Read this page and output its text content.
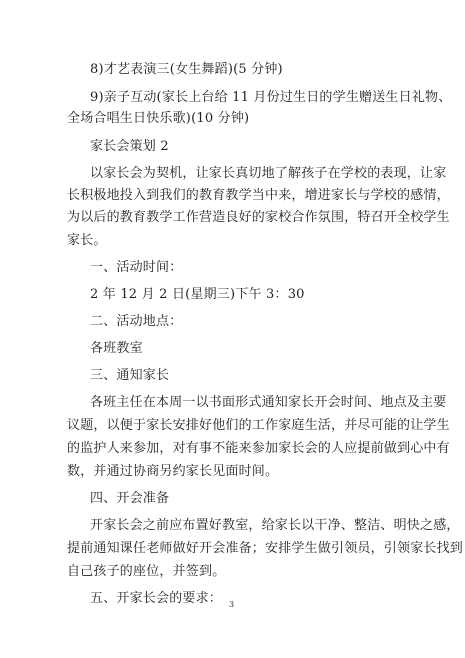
8)才艺表演三(女生舞蹈)(5 分钟)
9)亲子互动(家长上台给 11 月份过生日的学生赠送生日礼物、
全场合唱生日快乐歌)(10 分钟)
家长会策划 2
以家长会为契机，让家长真切地了解孩子在学校的表现，让家
长积极地投入到我们的教育教学当中来，增进家长与学校的感情，
为以后的教育教学工作营造良好的家校合作氛围，特召开全校学生
家长。
一、活动时间：
2 年 12 月 2 日(星期三)下午 3：30
二、活动地点：
各班教室
三、通知家长
各班主任在本周一以书面形式通知家长开会时间、地点及主要
议题，以便于家长安排好他们的工作家庭生活，并尽可能的让学生
的监护人来参加，对有事不能来参加家长会的人应提前做到心中有
数，并通过协商另约家长见面时间。
四、开会准备
开家长会之前应布置好教室，给家长以干净、整洁、明快之感，
提前通知课任老师做好开会准备；安排学生做引领员，引领家长找到
自己孩子的座位，并签到。
五、开家长会的要求： 3
